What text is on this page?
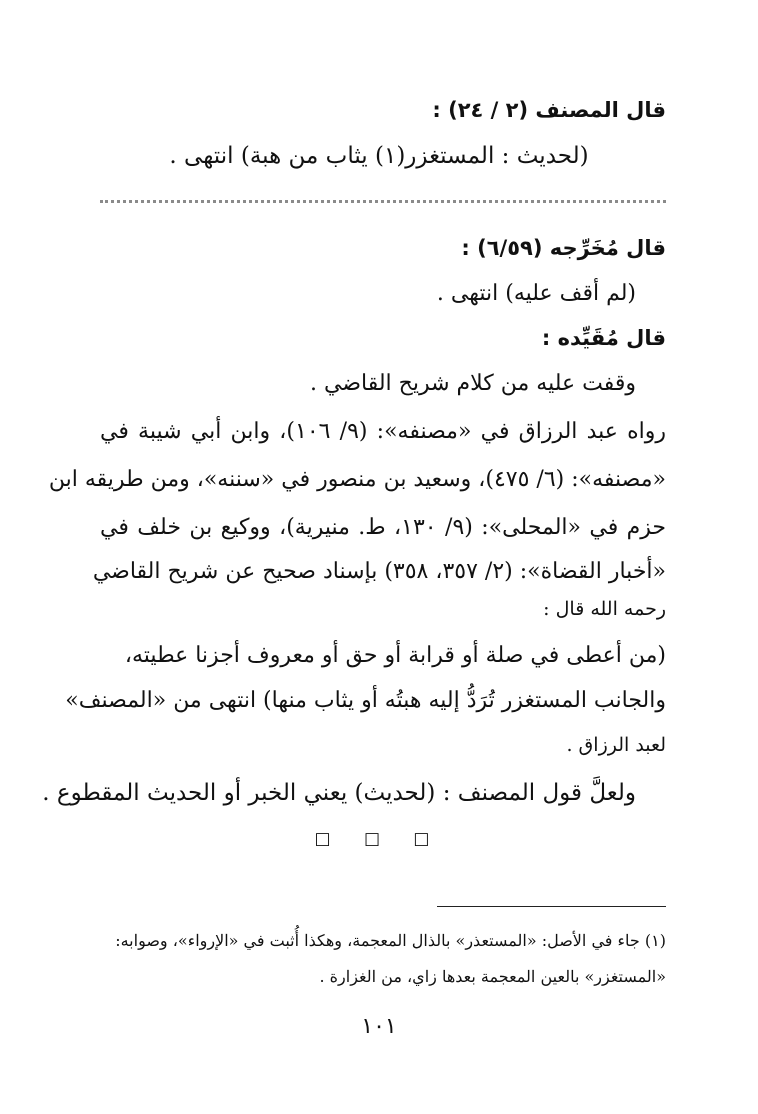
قال المصنف (٢ / ٢٤) :

(لحديث : المستغزر(١) يثاب من هبة) انتهى .

قال مُخَرِّجه (٦/٥٩) :

(لم أقف عليه) انتهى .

قال مُقَيِّده :

وقفت عليه من كلام شريح القاضي .

رواه عبد الرزاق في «مصنفه»: (٩/ ١٠٦)، وابن أبي شيبة في

«مصنفه»: (٦/ ٤٧٥)، وسعيد بن منصور في «سننه»، ومن طريقه ابن

حزم في «المحلى»: (٩/ ١٣٠، ط. منيرية)، ووكيع بن خلف في

«أخبار القضاة»: (٢/ ٣٥٧، ٣٥٨) بإسناد صحيح عن شريح القاضي

رحمه الله قال :

(من أعطى في صلة أو قرابة أو حق أو معروف أجزنا عطيته،

والجانب المستغزر تُرَدُّ إليه هبتُه أو يثاب منها) انتهى من «المصنف»

لعبد الرزاق .

ولعلَّ قول المصنف : (لحديث) يعني الخبر أو الحديث المقطوع .

□ □ □

(١) جاء في الأصل: «المستعذر» بالذال المعجمة، وهكذا أُثبت في «الإرواء»، وصوابه:

«المستغزر» بالعين المعجمة بعدها زاي، من الغزارة .

١٠١
